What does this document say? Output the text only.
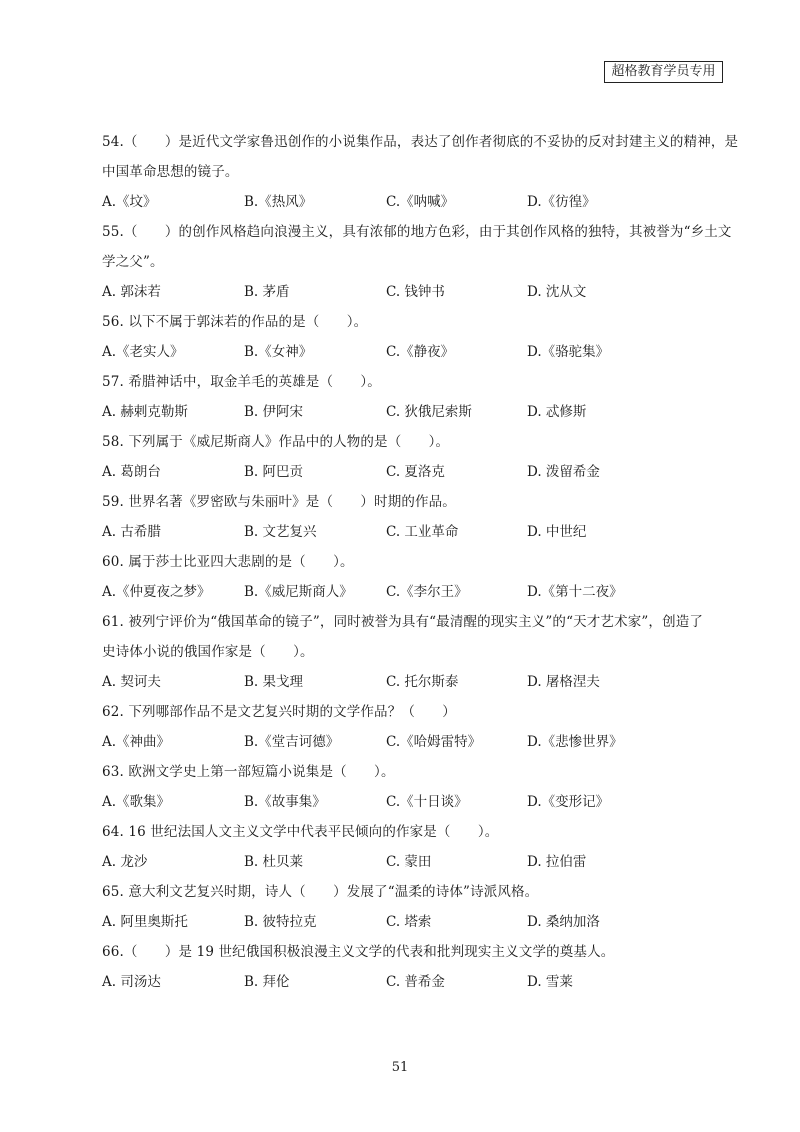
超格教育学员专用
54.（　　）是近代文学家鲁迅创作的小说集作品，表达了创作者彻底的不妥协的反对封建主义的精神，是
中国革命思想的镜子。
A.《坟》	B.《热风》	C.《呐喊》	D.《彷徨》
55.（　　）的创作风格趋向浪漫主义，具有浓郁的地方色彩，由于其创作风格的独特，其被誉为“乡土文
学之父”。
A. 郭沫若	B. 茅盾	C. 钱钟书	D. 沈从文
56. 以下不属于郭沫若的作品的是（　　）。
A.《老实人》	B.《女神》	C.《静夜》	D.《骆驼集》
57. 希腊神话中，取金羊毛的英雄是（　　）。
A. 赫剌克勒斯	B. 伊阿宋	C. 狄俄尼索斯	D. 忒修斯
58. 下列属于《威尼斯商人》作品中的人物的是（　　）。
A. 葛朗台	B. 阿巴贡	C. 夏洛克	D. 泼留希金
59. 世界名著《罗密欧与朱丽叶》是（　　）时期的作品。
A. 古希腊	B. 文艺复兴	C. 工业革命	D. 中世纪
60. 属于莎士比亚四大悲剧的是（　　）。
A.《仲夏夜之梦》	B.《威尼斯商人》	C.《李尔王》	D.《第十二夜》
61. 被列宁评价为“俄国革命的镜子”，同时被誉为具有“最清醒的现实主义”的“天才艺术家”，创造了
史诗体小说的俄国作家是（　　）。
A. 契诃夫	B. 果戈理	C. 托尔斯泰	D. 屠格涅夫
62. 下列哪部作品不是文艺复兴时期的文学作品？（　　）
A.《神曲》	B.《堂吉诃德》	C.《哈姆雷特》	D.《悲惨世界》
63. 欧洲文学史上第一部短篇小说集是（　　）。
A.《歌集》	B.《故事集》	C.《十日谈》	D.《变形记》
64. 16 世纪法国人文主义文学中代表平民倾向的作家是（　　）。
A. 龙沙	B. 杜贝莱	C. 蒙田	D. 拉伯雷
65. 意大利文艺复兴时期，诗人（　　）发展了“温柔的诗体”诗派风格。
A. 阿里奥斯托	B. 彼特拉克	C. 塔索	D. 桑纳加洛
66.（　　）是 19 世纪俄国积极浪漫主义文学的代表和批判现实主义文学的奠基人。
A. 司汤达	B. 拜伦	C. 普希金	D. 雪莱
51
